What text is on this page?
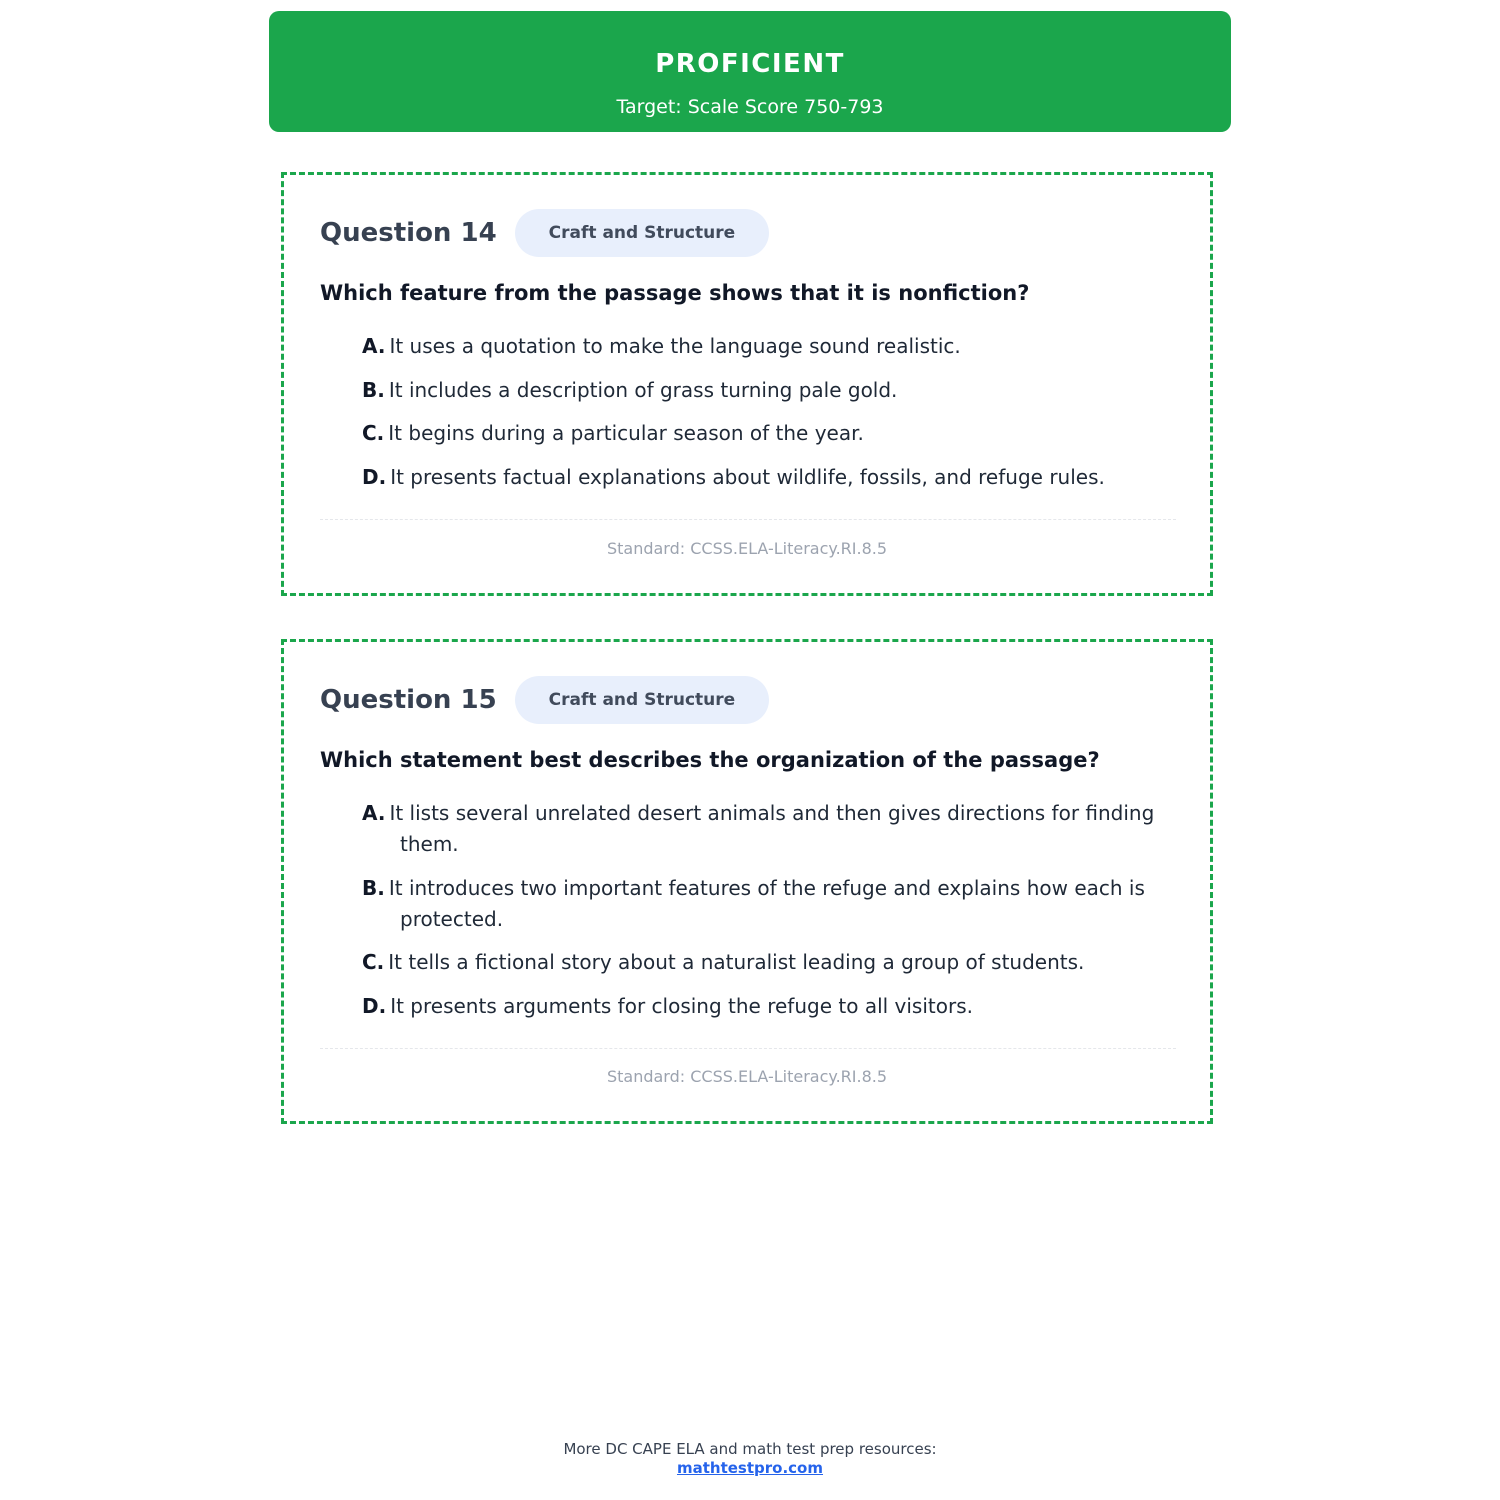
PROFICIENT
Target: Scale Score 750-793
Question 14	Craft and Structure
Which feature from the passage shows that it is nonfiction?
A. It uses a quotation to make the language sound realistic.
B. It includes a description of grass turning pale gold.
C. It begins during a particular season of the year.
D. It presents factual explanations about wildlife, fossils, and refuge rules.
Standard: CCSS.ELA-Literacy.RI.8.5
Question 15	Craft and Structure
Which statement best describes the organization of the passage?
A. It lists several unrelated desert animals and then gives directions for finding them.
B. It introduces two important features of the refuge and explains how each is protected.
C. It tells a fictional story about a naturalist leading a group of students.
D. It presents arguments for closing the refuge to all visitors.
Standard: CCSS.ELA-Literacy.RI.8.5
More DC CAPE ELA and math test prep resources:
mathtestpro.com
